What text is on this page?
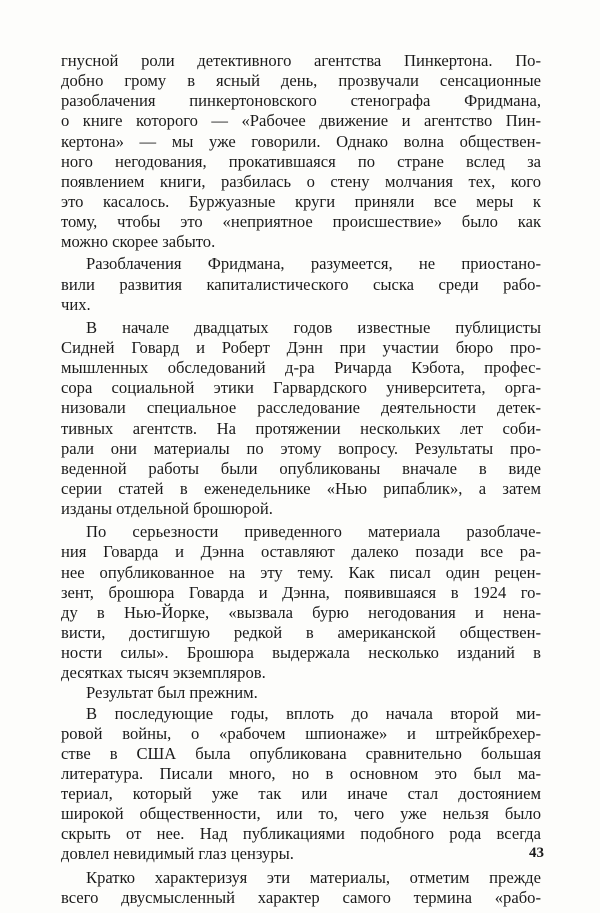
гнусной роли детективного агентства Пинкертона. По-
добно грому в ясный день, прозвучали сенсационные
разоблачения пинкертоновского стенографа Фридмана,
о книге которого — «Рабочее движение и агентство Пин-
кертона» — мы уже говорили. Однако волна обществен-
ного негодования, прокатившаяся по стране вслед за
появлением книги, разбилась о стену молчания тех, кого
это касалось. Буржуазные круги приняли все меры к
тому, чтобы это «неприятное происшествие» было как
можно скорее забыто.
Разоблачения Фридмана, разумеется, не приостано-
вили развития капиталистического сыска среди рабо-
чих.
В начале двадцатых годов известные публицисты
Сидней Говард и Роберт Дэнн при участии бюро про-
мышленных обследований д-ра Ричарда Кэбота, профес-
сора социальной этики Гарвардского университета, орга-
низовали специальное расследование деятельности детек-
тивных агентств. На протяжении нескольких лет соби-
рали они материалы по этому вопросу. Результаты про-
веденной работы были опубликованы вначале в виде
серии статей в еженедельнике «Нью рипаблик», а затем
изданы отдельной брошюрой.
По серьезности приведенного материала разоблаче-
ния Говарда и Дэнна оставляют далеко позади все ра-
нее опубликованное на эту тему. Как писал один рецен-
зент, брошюра Говарда и Дэнна, появившаяся в 1924 го-
ду в Нью-Йорке, «вызвала бурю негодования и нена-
висти, достигшую редкой в американской обществен-
ности силы». Брошюра выдержала несколько изданий в
десятках тысяч экземпляров.
Результат был прежним.
В последующие годы, вплоть до начала второй ми-
ровой войны, о «рабочем шпионаже» и штрейкбрехер-
стве в США была опубликована сравнительно большая
литература. Писали много, но в основном это был ма-
териал, который уже так или иначе стал достоянием
широкой общественности, или то, чего уже нельзя было
скрыть от нее. Над публикациями подобного рода всегда
довлел невидимый глаз цензуры.
Кратко характеризуя эти материалы, отметим прежде
всего двусмысленный характер самого термина «рабо-
43
